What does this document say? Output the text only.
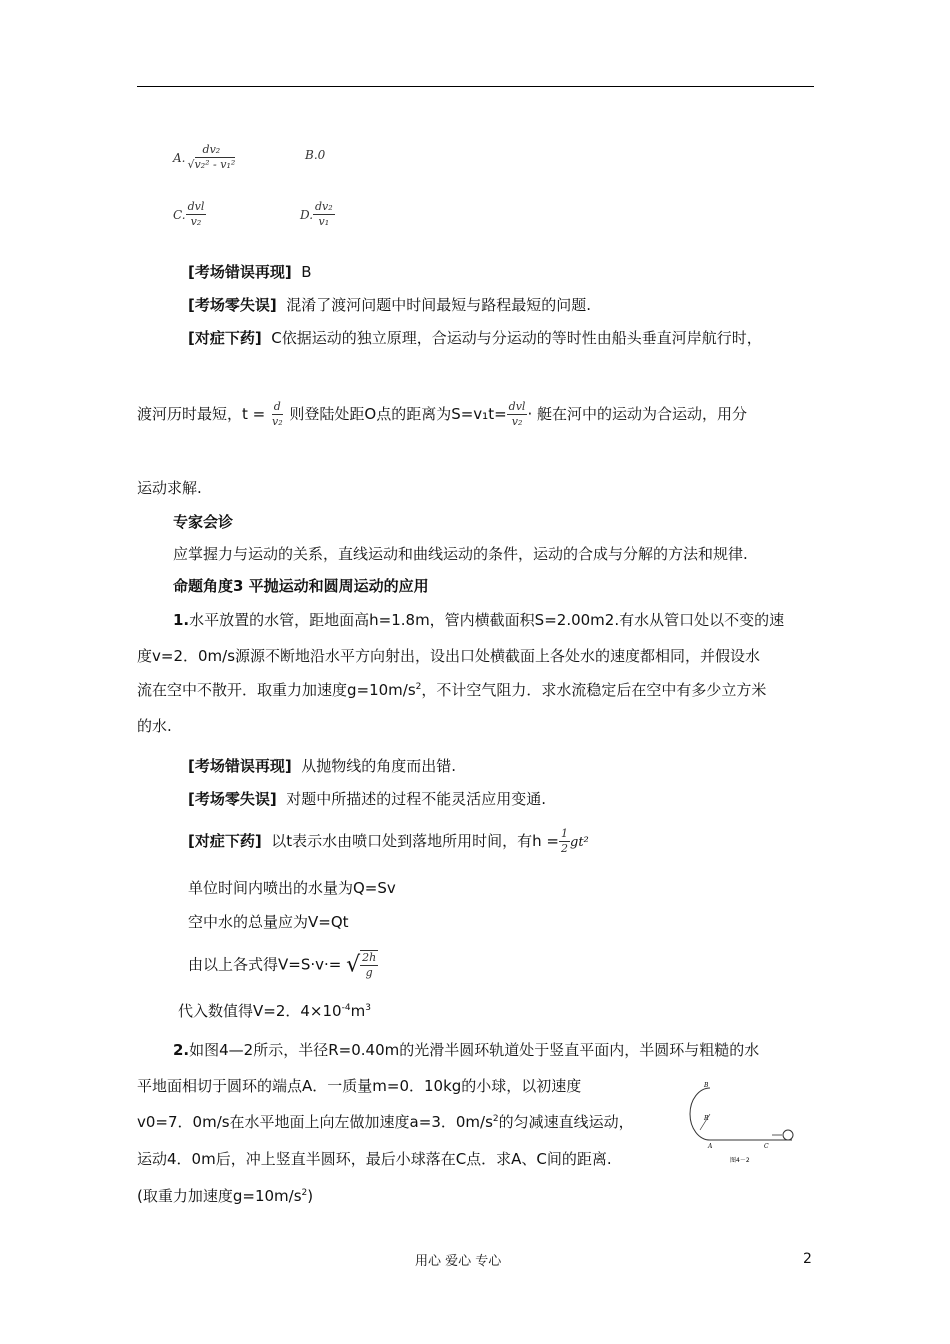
A. $\frac{\text{dv₂}}{\text{√v₂² - v₁²}}$	B.0
C. $\frac{\text{dvl}}{\text{v₂}}$	D. $\frac{\text{dv₂}}{\text{v₁}}$
[考场错误再现] B
[考场零失误] 混淆了渡河问题中时间最短与路程最短的问题.
[对症下药] C依据运动的独立原理，合运动与分运动的等时性由船头垂直河岸航行时，
渡河历时最短，$t = \frac{d}{\text{v₂}}$ 则登陆处距O点的距离为$S=v_1t= \frac{\text{dvl}}{\text{v₂}}$ · 艇在河中的运动为合运动，用分
运动求解.
专家会诊
应掌握力与运动的关系，直线运动和曲线运动的条件，运动的合成与分解的方法和规律.
命题角度3 平抛运动和圆周运动的应用
1.水平放置的水管，距地面高h=1.8m，管内横截面积S=2.00m2.有水从管口处以不变的速
度v=2．0m/s源源不断地沿水平方向射出，设出口处横截面上各处水的速度都相同，并假设水
流在空中不散开．取重力加速度$g=10m/s^2$，不计空气阻力．求水流稳定后在空中有多少立方米
的水.
[考场错误再现] 从抛物线的角度而出错.
[考场零失误] 对题中所描述的过程不能灵活应用变通.
[对症下药] 以t表示水由喷口处到落地所用时间，有$h = \frac{1}{2} gt^2$
单位时间内喷出的水量为Q=Sv
空中水的总量应为V=Qt
由以上各式得V=S·v·= √ $\frac{2h}{g}$
代入数值得V=2．$4\times 10^{-4}m^3$
2.如图4—2所示，半径R=0.40m的光滑半圆环轨道处于竖直平面内，半圆环与粗糙的水
平地面相切于圆环的端点A．一质量m=0．10kg的小球，以初速度
v0=7．0m/s在水平地面上向左做加速度a=3．$0m/s^2$的匀减速直线运动，
运动4．0m后，冲上竖直半圆环，最后小球落在C点．求A、C间的距离.
(取重力加速度$g=10m/s^2$)
B
R
A	C
图4－2
用心 爱心 专心	2
